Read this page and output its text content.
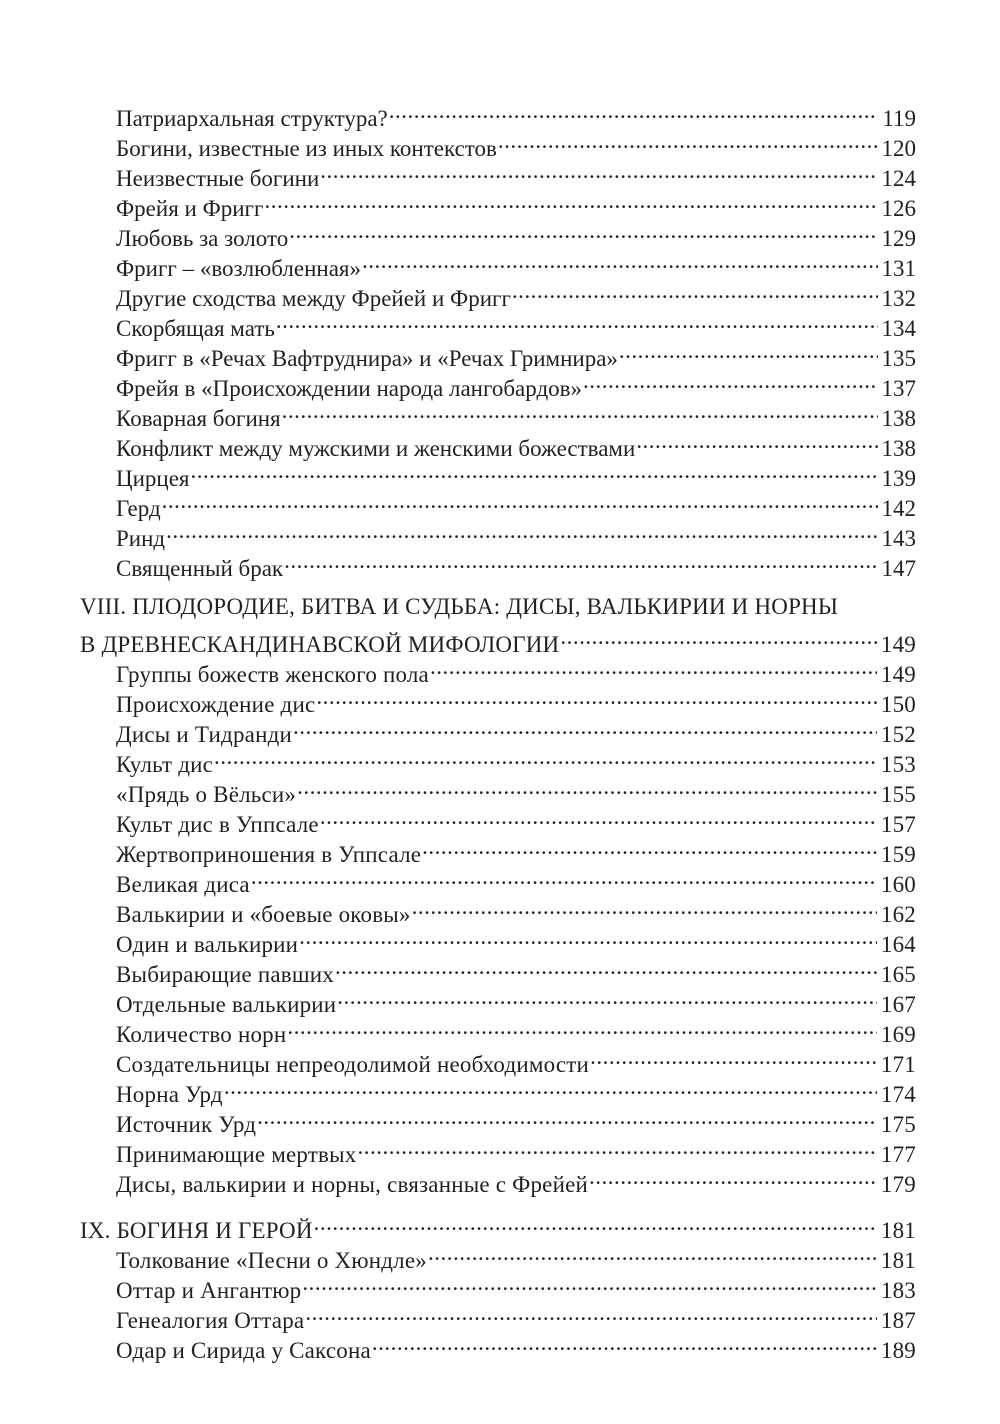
Патриархальная структура? .....	119
Богини, известные из иных контекстов .....	120
Неизвестные богини .....	124
Фрейя и Фригг .....	126
Любовь за золото .....	129
Фригг – «возлюбленная» .....	131
Другие сходства между Фрейей и Фригг .....	132
Скорбящая мать .....	134
Фригг в «Речах Вафтруднира» и «Речах Гримнира» .....	135
Фрейя в «Происхождении народа лангобардов» .....	137
Коварная богиня .....	138
Конфликт между мужскими и женскими божествами .....	138
Цирцея .....	139
Герд .....	142
Ринд .....	143
Священный брак .....	147
VIII. ПЛОДОРОДИЕ, БИТВА И СУДЬБА: ДИСЫ, ВАЛЬКИРИИ И НОРНЫ
В ДРЕВНЕСКАНДИНАВСКОЙ МИФОЛОГИИ .....	149
Группы божеств женского пола .....	149
Происхождение дис .....	150
Дисы и Тидранди .....	152
Культ дис .....	153
«Прядь о Вёльси» .....	155
Культ дис в Уппсале .....	157
Жертвоприношения в Уппсале .....	159
Великая диса .....	160
Валькирии и «боевые оковы» .....	162
Один и валькирии .....	164
Выбирающие павших .....	165
Отдельные валькирии .....	167
Количество норн .....	169
Создательницы непреодолимой необходимости .....	171
Норна Урд .....	174
Источник Урд .....	175
Принимающие мертвых .....	177
Дисы, валькирии и норны, связанные с Фрейей .....	179
IX. БОГИНЯ И ГЕРОЙ .....	181
Толкование «Песни о Хюндле» .....	181
Оттар и Ангантюр .....	183
Генеалогия Оттара .....	187
Одар и Сирида у Саксона .....	189
